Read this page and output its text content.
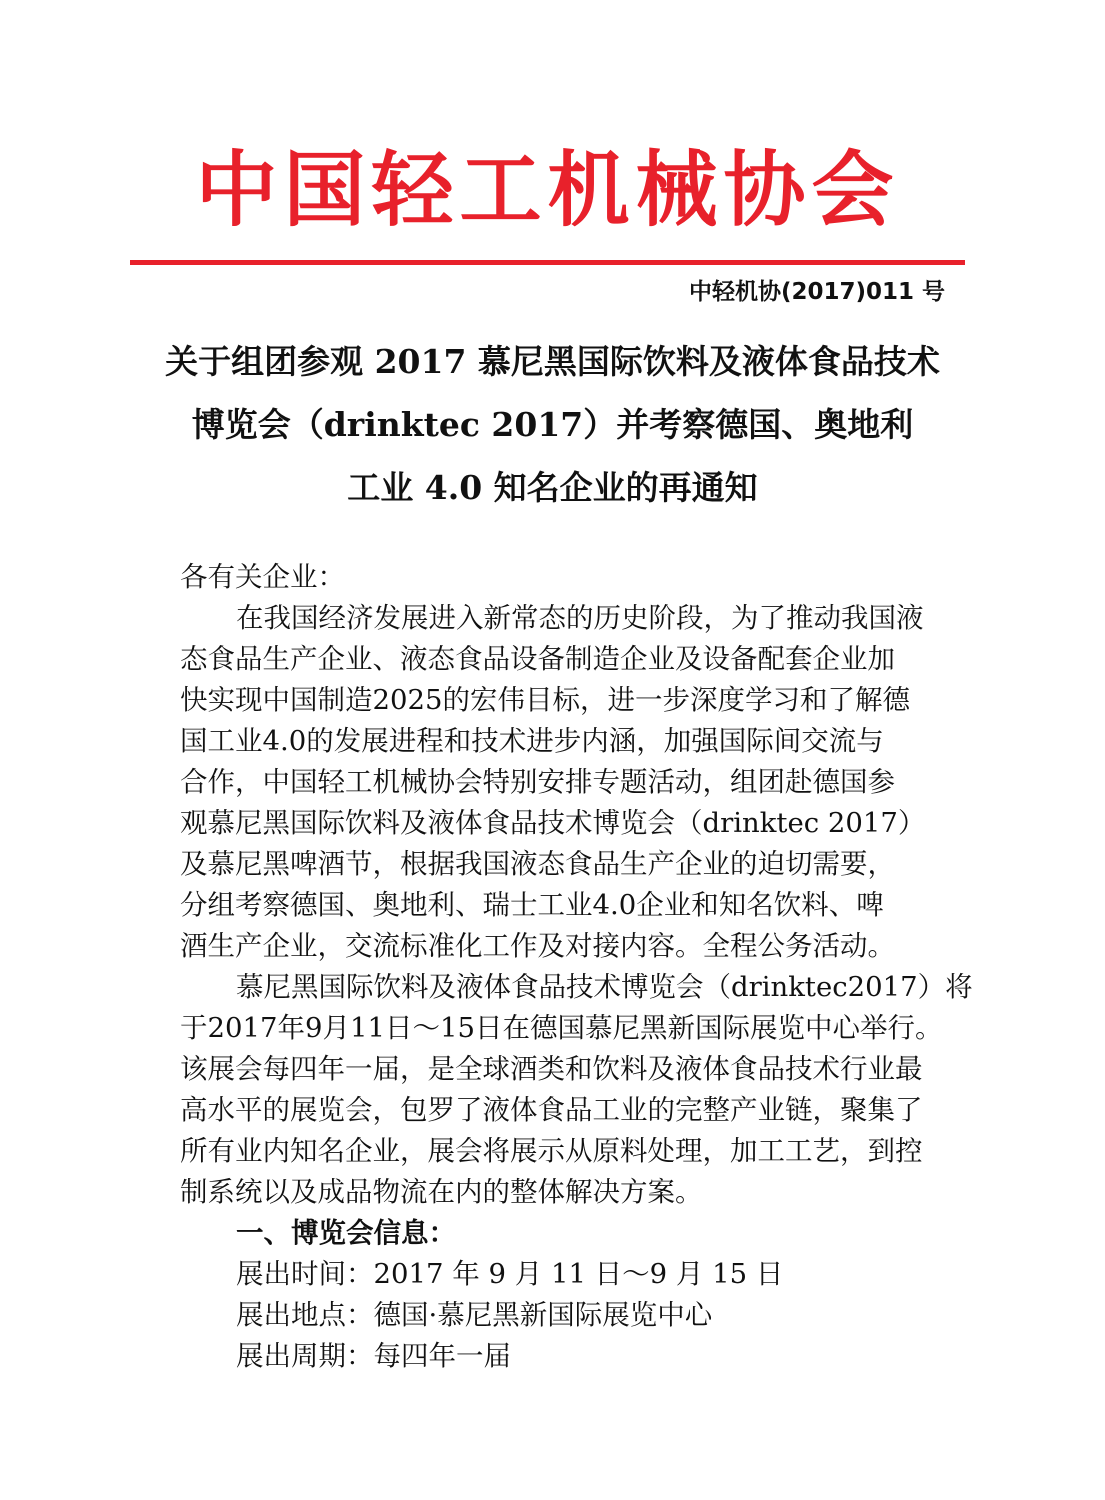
中国轻工机械协会
中轻机协(2017)011 号
关于组团参观 2017 慕尼黑国际饮料及液体食品技术
博览会（drinktec 2017）并考察德国、奥地利
工业 4.0 知名企业的再通知
各有关企业：
在我国经济发展进入新常态的历史阶段，为了推动我国液
态食品生产企业、液态食品设备制造企业及设备配套企业加
快实现中国制造2025的宏伟目标，进一步深度学习和了解德
国工业4.0的发展进程和技术进步内涵，加强国际间交流与
合作，中国轻工机械协会特别安排专题活动，组团赴德国参
观慕尼黑国际饮料及液体食品技术博览会（drinktec 2017）
及慕尼黑啤酒节，根据我国液态食品生产企业的迫切需要，
分组考察德国、奥地利、瑞士工业4.0企业和知名饮料、啤
酒生产企业，交流标准化工作及对接内容。全程公务活动。
慕尼黑国际饮料及液体食品技术博览会（drinktec2017）将
于2017年9月11日～15日在德国慕尼黑新国际展览中心举行。
该展会每四年一届，是全球酒类和饮料及液体食品技术行业最
高水平的展览会，包罗了液体食品工业的完整产业链，聚集了
所有业内知名企业，展会将展示从原料处理，加工工艺，到控
制系统以及成品物流在内的整体解决方案。
一、博览会信息：
展出时间：2017 年 9 月 11 日～9 月 15 日
展出地点：德国·慕尼黑新国际展览中心
展出周期：每四年一届
